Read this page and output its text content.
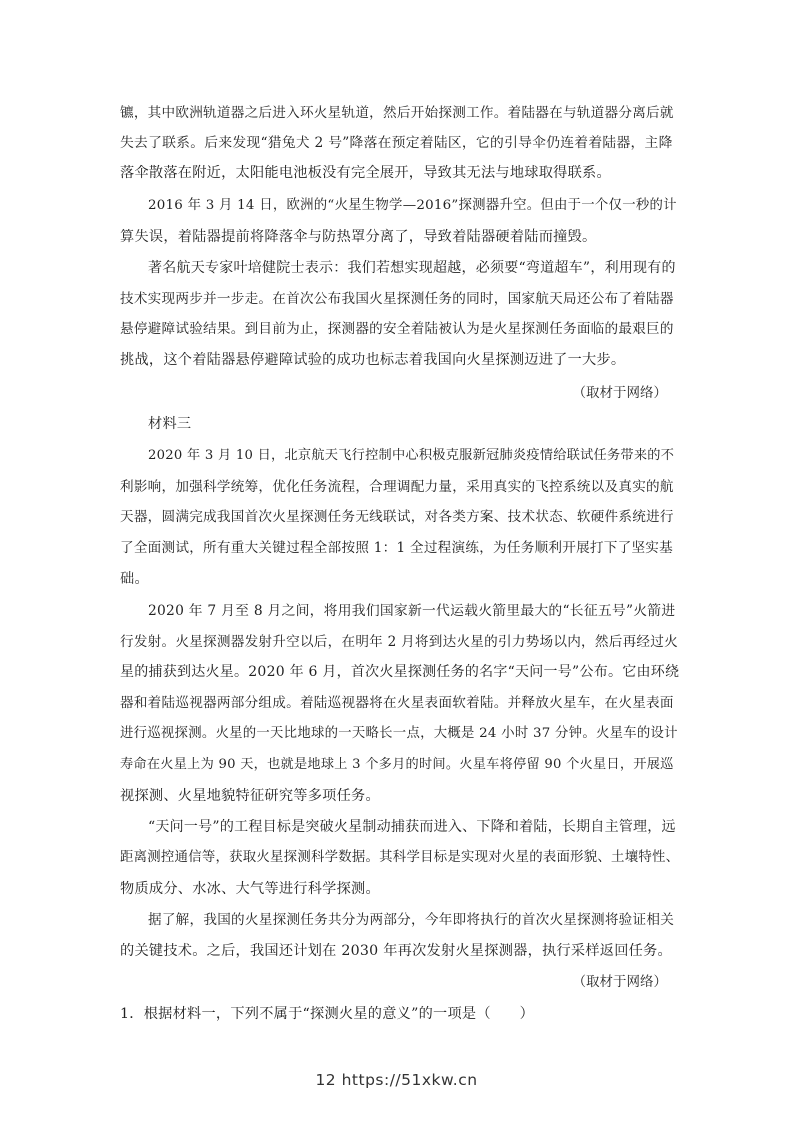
镳，其中欧洲轨道器之后进入环火星轨道，然后开始探测工作。着陆器在与轨道器分离后就
失去了联系。后来发现“猎兔犬 2 号”降落在预定着陆区，它的引导伞仍连着着陆器，主降
落伞散落在附近，太阳能电池板没有完全展开，导致其无法与地球取得联系。
2016 年 3 月 14 日，欧洲的“火星生物学—2016”探测器升空。但由于一个仅一秒的计
算失误，着陆器提前将降落伞与防热罩分离了，导致着陆器硬着陆而撞毁。
著名航天专家叶培健院士表示：我们若想实现超越，必须要“弯道超车”，利用现有的
技术实现两步并一步走。在首次公布我国火星探测任务的同时，国家航天局还公布了着陆器
悬停避障试验结果。到目前为止，探测器的安全着陆被认为是火星探测任务面临的最艰巨的
挑战，这个着陆器悬停避障试验的成功也标志着我国向火星探测迈进了一大步。
（取材于网络）
材料三
2020 年 3 月 10 日，北京航天飞行控制中心积极克服新冠肺炎疫情给联试任务带来的不
利影响，加强科学统筹，优化任务流程，合理调配力量，采用真实的飞控系统以及真实的航
天器，圆满完成我国首次火星探测任务无线联试，对各类方案、技术状态、软硬件系统进行
了全面测试，所有重大关键过程全部按照 1：1 全过程演练，为任务顺利开展打下了坚实基
础。
2020 年 7 月至 8 月之间，将用我们国家新一代运载火箭里最大的“长征五号”火箭进
行发射。火星探测器发射升空以后，在明年 2 月将到达火星的引力势场以内，然后再经过火
星的捕获到达火星。2020 年 6 月，首次火星探测任务的名字“天问一号”公布。它由环绕
器和着陆巡视器两部分组成。着陆巡视器将在火星表面软着陆。并释放火星车，在火星表面
进行巡视探测。火星的一天比地球的一天略长一点，大概是 24 小时 37 分钟。火星车的设计
寿命在火星上为 90 天，也就是地球上 3 个多月的时间。火星车将停留 90 个火星日，开展巡
视探测、火星地貌特征研究等多项任务。
“天问一号”的工程目标是突破火星制动捕获而进入、下降和着陆，长期自主管理，远
距离测控通信等，获取火星探测科学数据。其科学目标是实现对火星的表面形貌、土壤特性、
物质成分、水冰、大气等进行科学探测。
据了解，我国的火星探测任务共分为两部分，今年即将执行的首次火星探测将验证相关
的关键技术。之后，我国还计划在 2030 年再次发射火星探测器，执行采样返回任务。
（取材于网络）
1．根据材料一，下列不属于“探测火星的意义”的一项是（　　）
12 https://51xkw.cn
